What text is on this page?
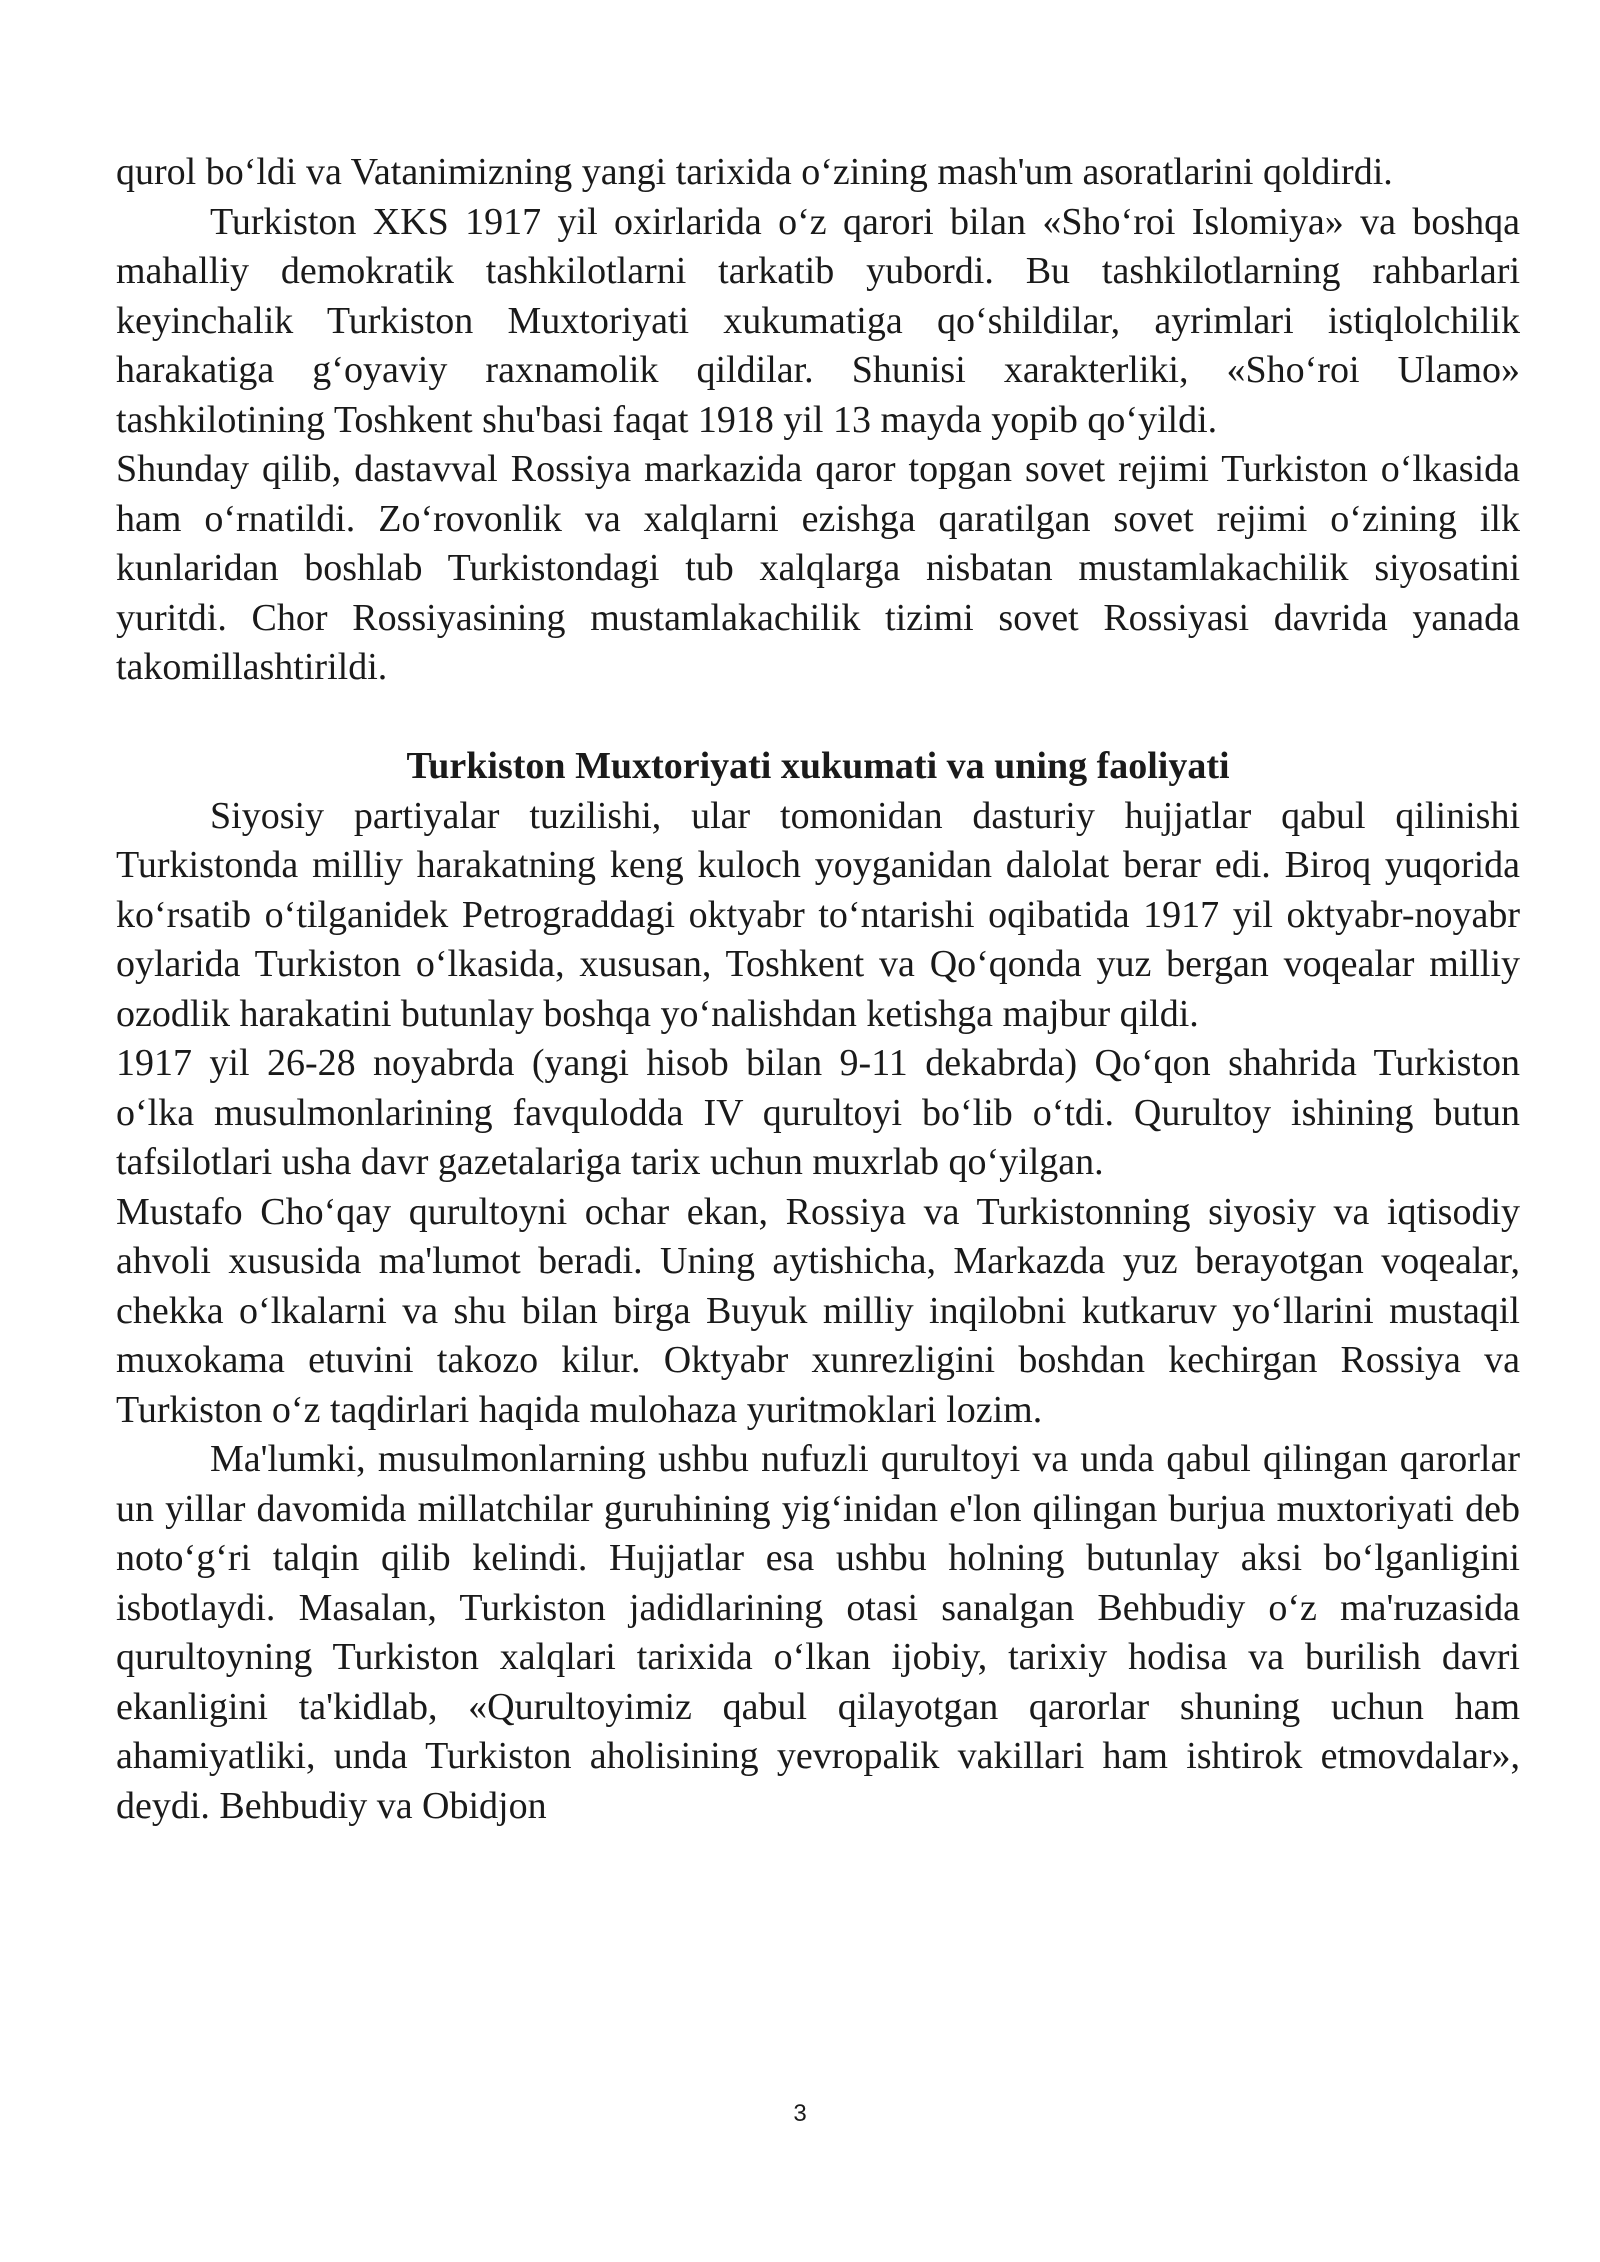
qurol bo‘ldi va Vatanimizning yangi tarixida o‘zining mash'um asoratlarini qoldirdi.

Turkiston XKS 1917 yil oxirlarida o‘z qarori bilan «Sho‘roi Islomiya» va boshqa mahalliy demokratik tashkilotlarni tarkatib yubordi. Bu tashkilotlarning rahbarlari keyinchalik Turkiston Muxtoriyati xukumatiga qo‘shildilar, ayrimlari istiqlolchilik harakatiga g‘oyaviy raxnamolik qildilar. Shunisi xarakterliki, «Sho‘roi Ulamo» tashkilotining Toshkent shu'basi faqat 1918 yil 13 mayda yopib qo‘yildi.

Shunday qilib, dastavval Rossiya markazida qaror topgan sovet rejimi Turkiston o‘lkasida ham o‘rnatildi. Zo‘rovonlik va xalqlarni ezishga qaratilgan sovet rejimi o‘zining ilk kunlaridan boshlab Turkistondagi tub xalqlarga nisbatan mustamlakachilik siyosatini yuritdi. Chor Rossiyasining mustamlakachilik tizimi sovet Rossiyasi davrida yanada takomillashtirildi.

Turkiston Muxtoriyati xukumati va uning faoliyati

Siyosiy partiyalar tuzilishi, ular tomonidan dasturiy hujjatlar qabul qilinishi Turkistonda milliy harakatning keng kuloch yoyganidan dalolat berar edi. Biroq yuqorida ko‘rsatib o‘tilganidek Petrograddagi oktyabr to‘ntarishi oqibatida 1917 yil oktyabr-noyabr oylarida Turkiston o‘lkasida, xususan, Toshkent va Qo‘qonda yuz bergan voqealar milliy ozodlik harakatini butunlay boshqa yo‘nalishdan ketishga majbur qildi.

1917 yil 26-28 noyabrda (yangi hisob bilan 9-11 dekabrda) Qo‘qon shahrida Turkiston o‘lka musulmonlarining favqulodda IV qurultoyi bo‘lib o‘tdi. Qurultoy ishining butun tafsilotlari usha davr gazetalariga tarix uchun muxrlab qo‘yilgan.

Mustafo Cho‘qay qurultoyni ochar ekan, Rossiya va Turkistonning siyosiy va iqtisodiy ahvoli xususida ma'lumot beradi. Uning aytishicha, Markazda yuz berayotgan voqealar, chekka o‘lkalarni va shu bilan birga Buyuk milliy inqilobni kutkaruv yo‘llarini mustaqil muxokama etuvini takozo kilur. Oktyabr xunrezligini boshdan kechirgan Rossiya va Turkiston o‘z taqdirlari haqida mulohaza yuritmoklari lozim.

Ma'lumki, musulmonlarning ushbu nufuzli qurultoyi va unda qabul qilingan qarorlar un yillar davomida millatchilar guruhining yig‘inidan e'lon qilingan burjua muxtoriyati deb noto‘g‘ri talqin qilib kelindi. Hujjatlar esa ushbu holning butunlay aksi bo‘lganligini isbotlaydi. Masalan, Turkiston jadidlarining otasi sanalgan Behbudiy o‘z ma'ruzasida qurultoyning Turkiston xalqlari tarixida o‘lkan ijobiy, tarixiy hodisa va burilish davri ekanligini ta'kidlab, «Qurultoyimiz qabul qilayotgan qarorlar shuning uchun ham ahamiyatliki, unda Turkiston aholisining yevropalik vakillari ham ishtirok etmovdalar», deydi. Behbudiy va Obidjon

3
